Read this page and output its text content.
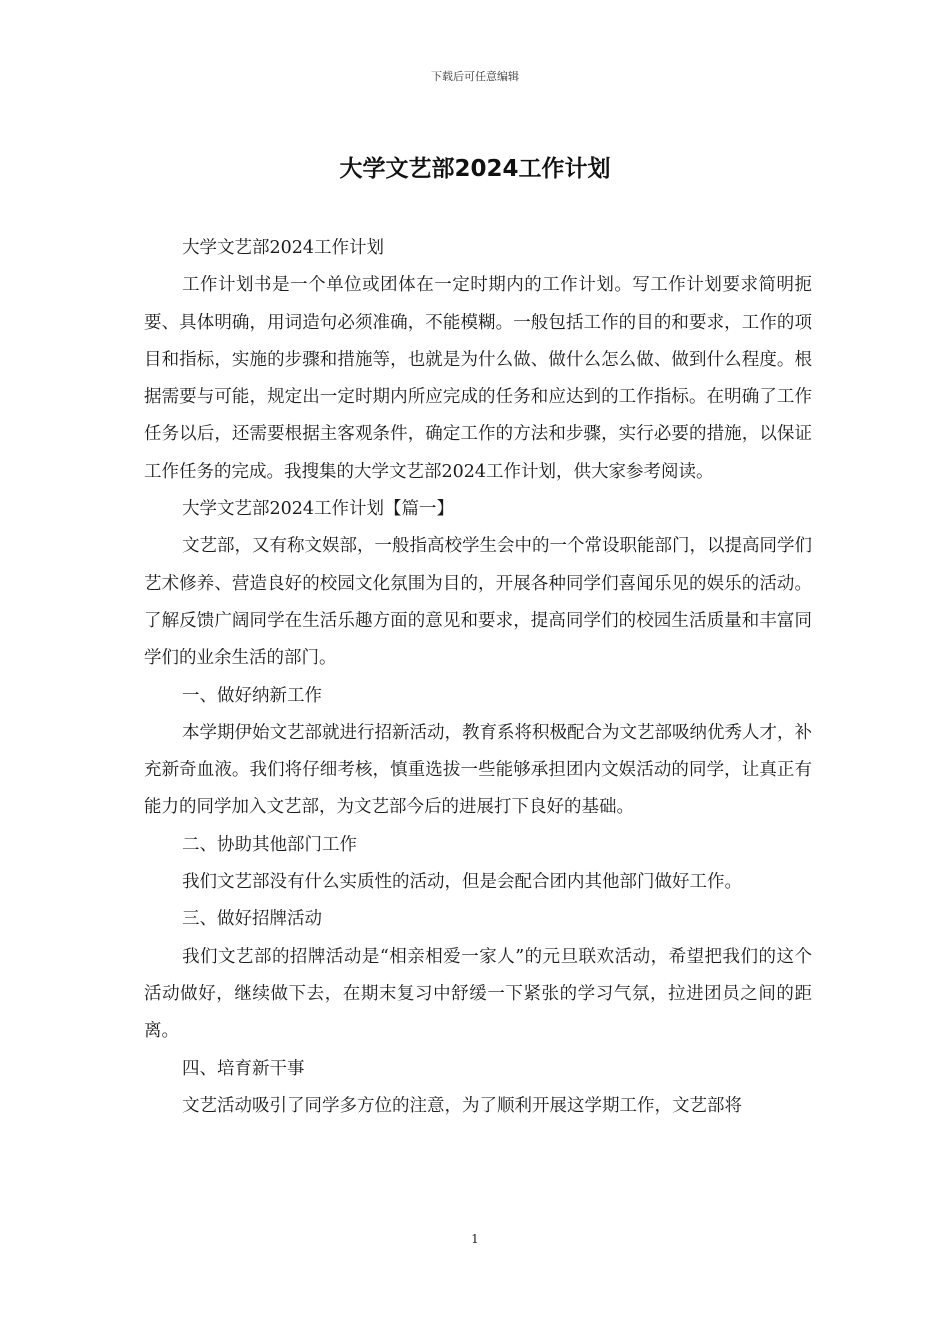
下载后可任意编辑
大学文艺部2024工作计划

大学文艺部2024工作计划

工作计划书是一个单位或团体在一定时期内的工作计划。写工作计划要求简明扼要、具体明确，用词造句必须准确，不能模糊。一般包括工作的目的和要求，工作的项目和指标，实施的步骤和措施等，也就是为什么做、做什么怎么做、做到什么程度。根据需要与可能，规定出一定时期内所应完成的任务和应达到的工作指标。在明确了工作任务以后，还需要根据主客观条件，确定工作的方法和步骤，实行必要的措施，以保证工作任务的完成。我搜集的大学文艺部2024工作计划，供大家参考阅读。

大学文艺部2024工作计划【篇一】

文艺部，又有称文娱部，一般指高校学生会中的一个常设职能部门，以提高同学们艺术修养、营造良好的校园文化氛围为目的，开展各种同学们喜闻乐见的娱乐的活动。了解反馈广阔同学在生活乐趣方面的意见和要求，提高同学们的校园生活质量和丰富同学们的业余生活的部门。

一、做好纳新工作

本学期伊始文艺部就进行招新活动，教育系将积极配合为文艺部吸纳优秀人才，补充新奇血液。我们将仔细考核，慎重选拔一些能够承担团内文娱活动的同学，让真正有能力的同学加入文艺部，为文艺部今后的进展打下良好的基础。

二、协助其他部门工作

我们文艺部没有什么实质性的活动，但是会配合团内其他部门做好工作。

三、做好招牌活动

我们文艺部的招牌活动是“相亲相爱一家人”的元旦联欢活动，希望把我们的这个活动做好，继续做下去，在期末复习中舒缓一下紧张的学习气氛，拉进团员之间的距离。

四、培育新干事

文艺活动吸引了同学多方位的注意，为了顺利开展这学期工作，文艺部将

1
